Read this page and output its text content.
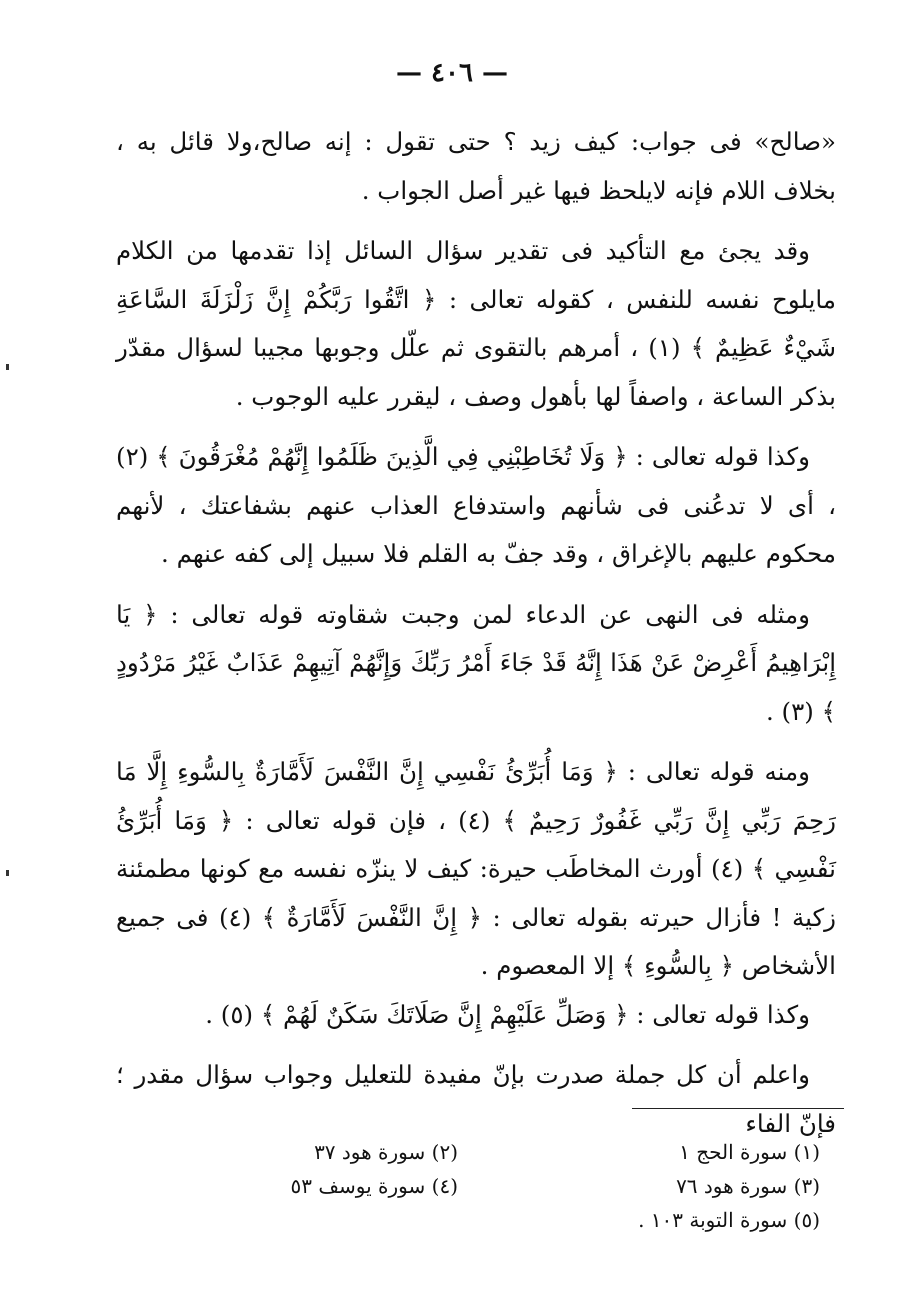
— ٤٠٦ —

«صالح» فى جواب: كيف زيد ؟ حتى تقول : إنه صالح،ولا قائل به ، بخلاف اللام فإنه لايلحظ فيها غير أصل الجواب .

وقد يجئ مع التأكيد فى تقدير سؤال السائل إذا تقدمها من الكلام مايلوح نفسه للنفس ، كقوله تعالى : ﴿ اتَّقُوا رَبَّكُمْ إِنَّ زَلْزَلَةَ السَّاعَةِ شَيْءٌ عَظِيمٌ ﴾ (١) ، أمرهم بالتقوى ثم علّل وجوبها مجيبا لسؤال مقدّر بذكر الساعة ، واصفاً لها بأهول وصف ، ليقرر عليه الوجوب .

وكذا قوله تعالى : ﴿ وَلَا تُخَاطِبْنِي فِي الَّذِينَ ظَلَمُوا إِنَّهُمْ مُغْرَقُونَ ﴾ (٢) ، أى لا تدعُنى فى شأنهم واستدفاع العذاب عنهم بشفاعتك ، لأنهم محكوم عليهم بالإغراق ، وقد جفّ به القلم فلا سبيل إلى كفه عنهم .

ومثله فى النهى عن الدعاء لمن وجبت شقاوته قوله تعالى : ﴿ يَا إِبْرَاهِيمُ أَعْرِضْ عَنْ هَذَا إِنَّهُ قَدْ جَاءَ أَمْرُ رَبِّكَ وَإِنَّهُمْ آتِيهِمْ عَذَابٌ غَيْرُ مَرْدُودٍ ﴾ (٣) .

ومنه قوله تعالى : ﴿ وَمَا أُبَرِّئُ نَفْسِي إِنَّ النَّفْسَ لَأَمَّارَةٌ بِالسُّوءِ إِلَّا مَا رَحِمَ رَبِّي إِنَّ رَبِّي غَفُورٌ رَحِيمٌ ﴾ (٤) ، فإن قوله تعالى : ﴿ وَمَا أُبَرِّئُ نَفْسِي ﴾ (٤) أورث المخاطَب حيرة: كيف لا ينزّه نفسه مع كونها مطمئنة زكية ! فأزال حيرته بقوله تعالى : ﴿ إِنَّ النَّفْسَ لَأَمَّارَةٌ ﴾ (٤) فى جميع الأشخاص ﴿ بِالسُّوءِ ﴾ إلا المعصوم .

وكذا قوله تعالى : ﴿ وَصَلِّ عَلَيْهِمْ إِنَّ صَلَاتَكَ سَكَنٌ لَهُمْ ﴾ (٥) .

واعلم أن كل جملة صدرت بإنّ مفيدة للتعليل وجواب سؤال مقدر ؛ فإنّ الفاء

(١) سورة الحج ١
(٢) سورة هود ٣٧
(٣) سورة هود ٧٦
(٤) سورة يوسف ٥٣
(٥) سورة التوبة ١٠٣ .
